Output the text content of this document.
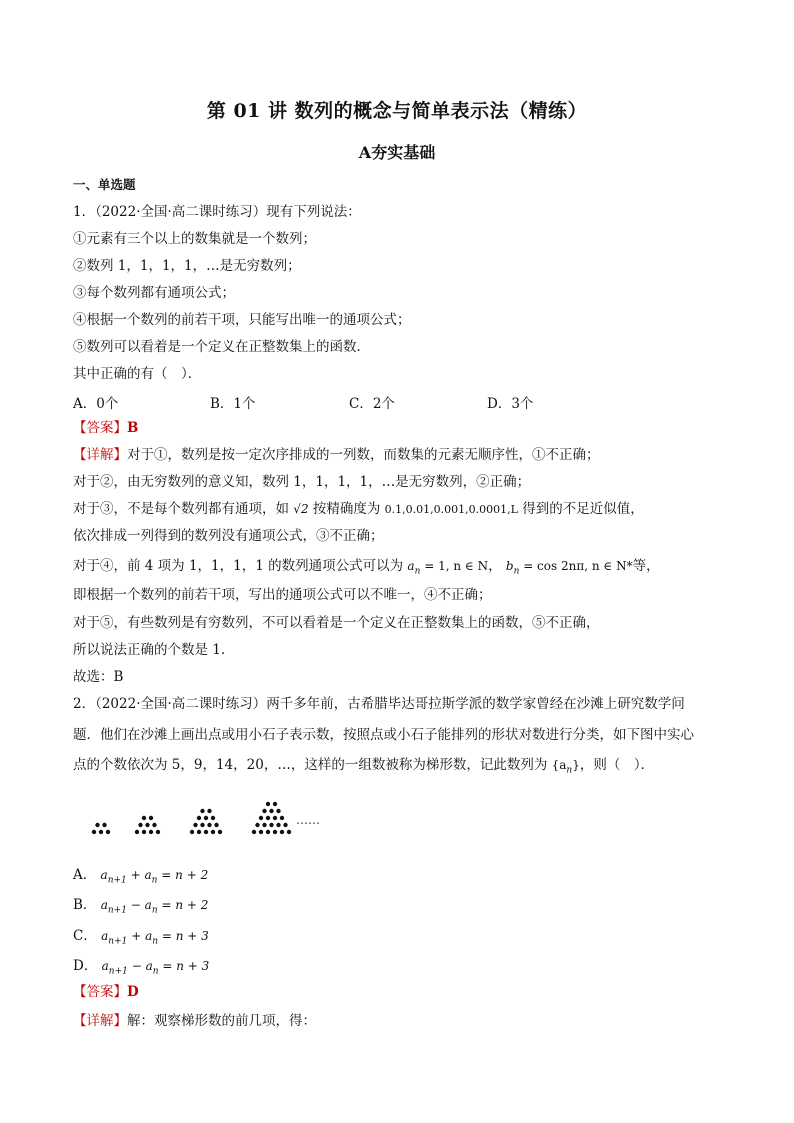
第 01 讲 数列的概念与简单表示法（精练）
A夯实基础
一、单选题
1．（2022·全国·高二课时练习）现有下列说法：
①元素有三个以上的数集就是一个数列；
②数列 1，1，1，1，…是无穷数列；
③每个数列都有通项公式；
④根据一个数列的前若干项，只能写出唯一的通项公式；
⑤数列可以看着是一个定义在正整数集上的函数．
其中正确的有（　）．
A．0个	B．1个	C．2个	D．3个
【答案】B
【详解】对于①，数列是按一定次序排成的一列数，而数集的元素无顺序性，①不正确；
对于②，由无穷数列的意义知，数列 1，1，1，1，…是无穷数列，②正确；
对于③，不是每个数列都有通项，如 √2 按精确度为 0.1,0.01,0.001,0.0001,L 得到的不足近似值，
依次排成一列得到的数列没有通项公式，③不正确；
对于④，前 4 项为 1，1，1，1 的数列通项公式可以为 $a_n = 1$, n ∈ N， $b_n = \cos 2n\pi$, n ∈ N*等，
即根据一个数列的前若干项，写出的通项公式可以不唯一，④不正确；
对于⑤，有些数列是有穷数列，不可以看着是一个定义在正整数集上的函数，⑤不正确，
所以说法正确的个数是 1.
故选：B
2．（2022·全国·高二课时练习）两千多年前，古希腊毕达哥拉斯学派的数学家曾经在沙滩上研究数学问
题．他们在沙滩上画出点或用小石子表示数，按照点或小石子能排列的形状对数进行分类，如下图中实心
点的个数依次为 5，9，14，20，…，这样的一组数被称为梯形数，记此数列为 $\{a_n\}$，则（　）．
……
A． $a_{n+1} + a_n = n + 2$
B． $a_{n+1} - a_n = n + 2$
C． $a_{n+1} + a_n = n + 3$
D． $a_{n+1} - a_n = n + 3$
【答案】D
【详解】解：观察梯形数的前几项，得：
